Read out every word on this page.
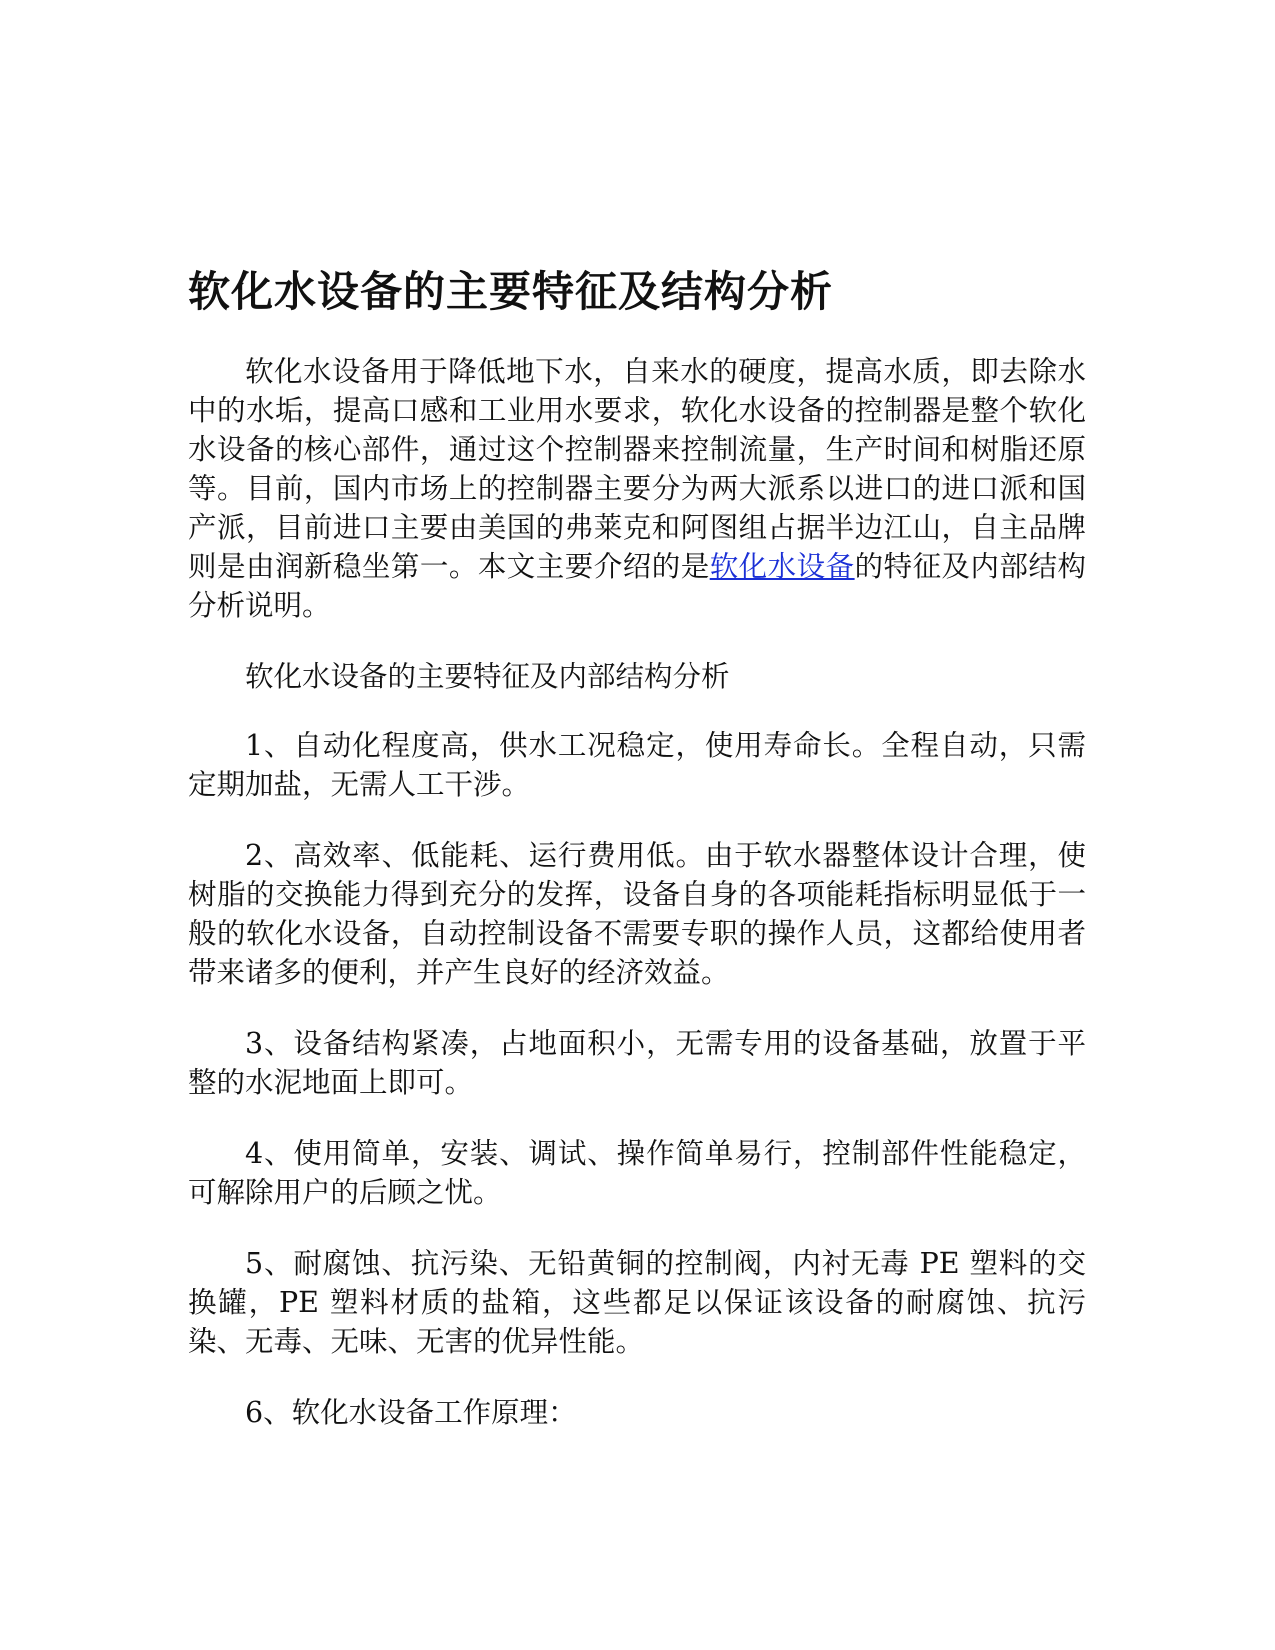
软化水设备的主要特征及结构分析

软化水设备用于降低地下水，自来水的硬度，提高水质，即去除水中的水垢，提高口感和工业用水要求，软化水设备的控制器是整个软化水设备的核心部件，通过这个控制器来控制流量，生产时间和树脂还原等。目前，国内市场上的控制器主要分为两大派系以进口的进口派和国产派，目前进口主要由美国的弗莱克和阿图组占据半边江山，自主品牌则是由润新稳坐第一。本文主要介绍的是软化水设备的特征及内部结构分析说明。

软化水设备的主要特征及内部结构分析

1、自动化程度高，供水工况稳定，使用寿命长。全程自动，只需定期加盐，无需人工干涉。

2、高效率、低能耗、运行费用低。由于软水器整体设计合理，使树脂的交换能力得到充分的发挥，设备自身的各项能耗指标明显低于一般的软化水设备，自动控制设备不需要专职的操作人员，这都给使用者带来诸多的便利，并产生良好的经济效益。

3、设备结构紧凑，占地面积小，无需专用的设备基础，放置于平整的水泥地面上即可。

4、使用简单，安装、调试、操作简单易行，控制部件性能稳定，可解除用户的后顾之忧。

5、耐腐蚀、抗污染、无铅黄铜的控制阀，内衬无毒 PE 塑料的交换罐，PE 塑料材质的盐箱，这些都足以保证该设备的耐腐蚀、抗污染、无毒、无味、无害的优异性能。

6、软化水设备工作原理：
